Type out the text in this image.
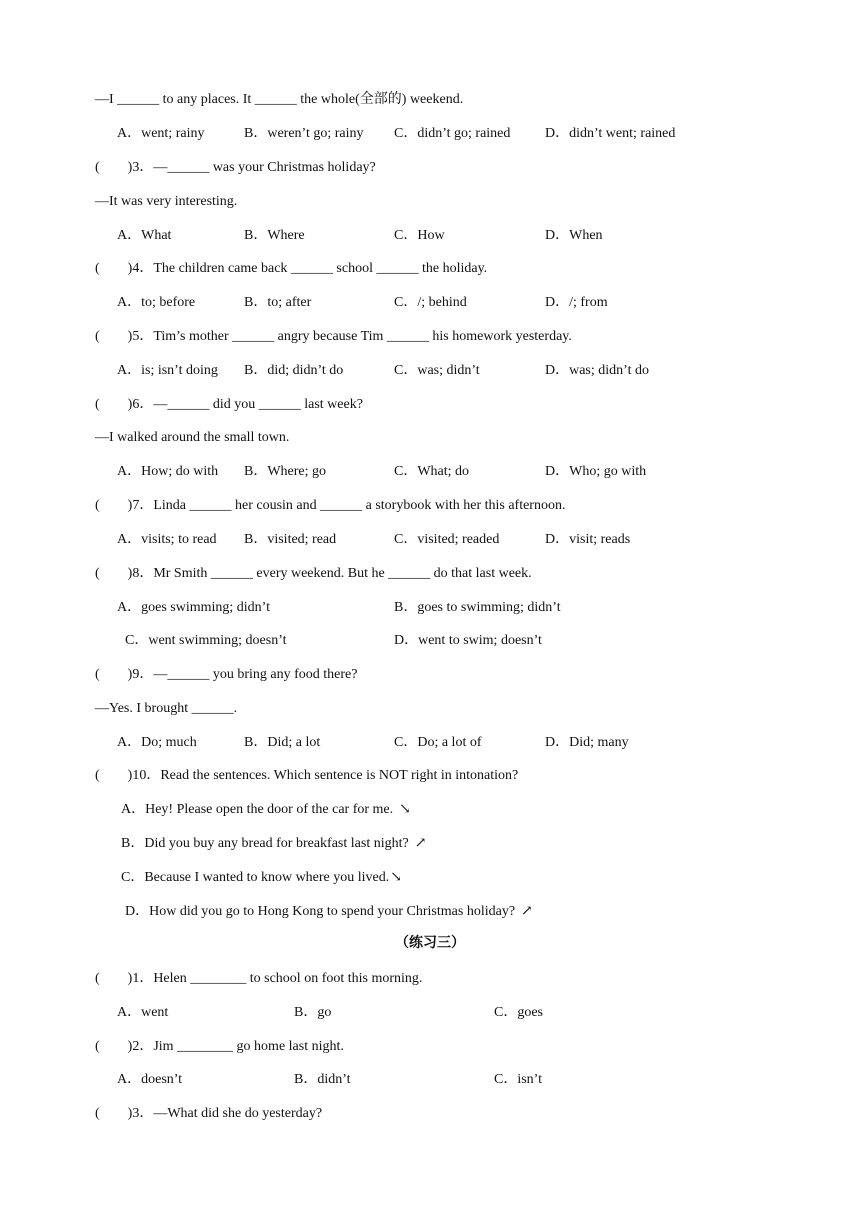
—I ______ to any places. It ______ the whole(全部的) weekend.
A．went; rainy	B．weren’t go; rainy C．didn’t go; rained D．didn’t went; rained
(        )3．—______ was your Christmas holiday?
—It was very interesting.
A．What	B．Where	C．How	D．When
(        )4．The children came back ______ school ______ the holiday.
A．to; before	B．to; after	C．/; behind	D．/; from
(        )5．Tim’s mother ______ angry because Tim ______ his homework yesterday.
A．is; isn’t doing B．did; didn’t do	C．was; didn’t	D．was; didn’t do
(        )6．—______ did you ______ last week?
—I walked around the small town.
A．How; do with B．Where; go	C．What; do	D．Who; go with
(        )7．Linda ______ her cousin and ______ a storybook with her this afternoon.
A．visits; to read B．visited; read	C．visited; readed	D．visit; reads
(        )8．Mr Smith ______ every weekend. But he ______ do that last week.
A．goes swimming; didn’t	B．goes to swimming; didn’t
C．went swimming; doesn’t	D．went to swim; doesn’t
(        )9．—______ you bring any food there?
—Yes. I brought ______.
A．Do; much	B．Did; a lot	C．Do; a lot of	D．Did; many
(        )10．Read the sentences. Which sentence is NOT right in intonation?
A．Hey! Please open the door of the car for me. ↘
B．Did you buy any bread for breakfast last night? ↗
C．Because I wanted to know where you lived.↘
D．How did you go to Hong Kong to spend your Christmas holiday? ↗
（练习三）
(        )1．Helen ________ to school on foot this morning.
A．went	B．go	C．goes
(        )2．Jim ________ go home last night.
A．doesn’t	B．didn’t	C．isn’t
(        )3．—What did she do yesterday?
